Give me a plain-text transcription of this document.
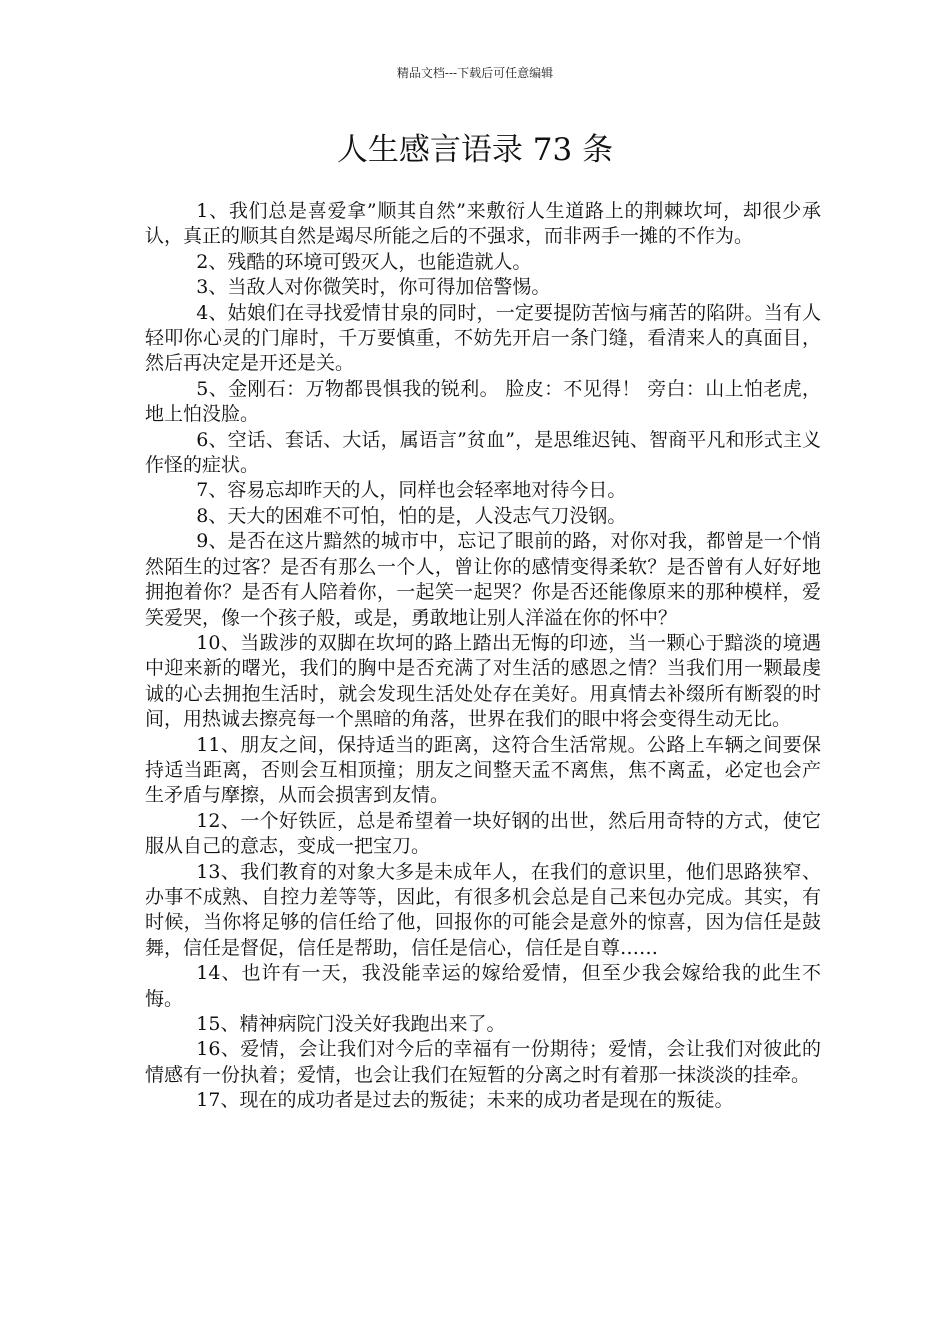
精品文档---下载后可任意编辑
人生感言语录 73 条

1、我们总是喜爱拿”顺其自然”来敷衍人生道路上的荆棘坎坷，却很少承认，真正的顺其自然是竭尽所能之后的不强求，而非两手一摊的不作为。

2、残酷的环境可毁灭人，也能造就人。

3、当敌人对你微笑时，你可得加倍警惕。

4、姑娘们在寻找爱情甘泉的同时，一定要提防苦恼与痛苦的陷阱。当有人轻叩你心灵的门扉时，千万要慎重，不妨先开启一条门缝，看清来人的真面目，然后再决定是开还是关。

5、金刚石：万物都畏惧我的锐利。 脸皮：不见得！ 旁白：山上怕老虎，地上怕没脸。

6、空话、套话、大话，属语言”贫血”，是思维迟钝、智商平凡和形式主义作怪的症状。

7、容易忘却昨天的人，同样也会轻率地对待今日。

8、天大的困难不可怕，怕的是，人没志气刀没钢。

9、是否在这片黯然的城市中，忘记了眼前的路，对你对我，都曾是一个悄然陌生的过客？是否有那么一个人，曾让你的感情变得柔软？是否曾有人好好地拥抱着你？是否有人陪着你，一起笑一起哭？你是否还能像原来的那种模样，爱笑爱哭，像一个孩子般，或是，勇敢地让别人洋溢在你的怀中？

10、当跋涉的双脚在坎坷的路上踏出无悔的印迹，当一颗心于黯淡的境遇中迎来新的曙光，我们的胸中是否充满了对生活的感恩之情？当我们用一颗最虔诚的心去拥抱生活时，就会发现生活处处存在美好。用真情去补缀所有断裂的时间，用热诚去擦亮每一个黑暗的角落，世界在我们的眼中将会变得生动无比。

11、朋友之间，保持适当的距离，这符合生活常规。公路上车辆之间要保持适当距离，否则会互相顶撞；朋友之间整天孟不离焦，焦不离孟，必定也会产生矛盾与摩擦，从而会损害到友情。

12、一个好铁匠，总是希望着一块好钢的出世，然后用奇特的方式，使它服从自己的意志，变成一把宝刀。

13、我们教育的对象大多是未成年人，在我们的意识里，他们思路狭窄、办事不成熟、自控力差等等，因此，有很多机会总是自己来包办完成。其实，有时候，当你将足够的信任给了他，回报你的可能会是意外的惊喜，因为信任是鼓舞，信任是督促，信任是帮助，信任是信心，信任是自尊……

14、也许有一天，我没能幸运的嫁给爱情，但至少我会嫁给我的此生不悔。

15、精神病院门没关好我跑出来了。

16、爱情，会让我们对今后的幸福有一份期待；爱情，会让我们对彼此的情感有一份执着；爱情，也会让我们在短暂的分离之时有着那一抹淡淡的挂牵。

17、现在的成功者是过去的叛徒；未来的成功者是现在的叛徒。
